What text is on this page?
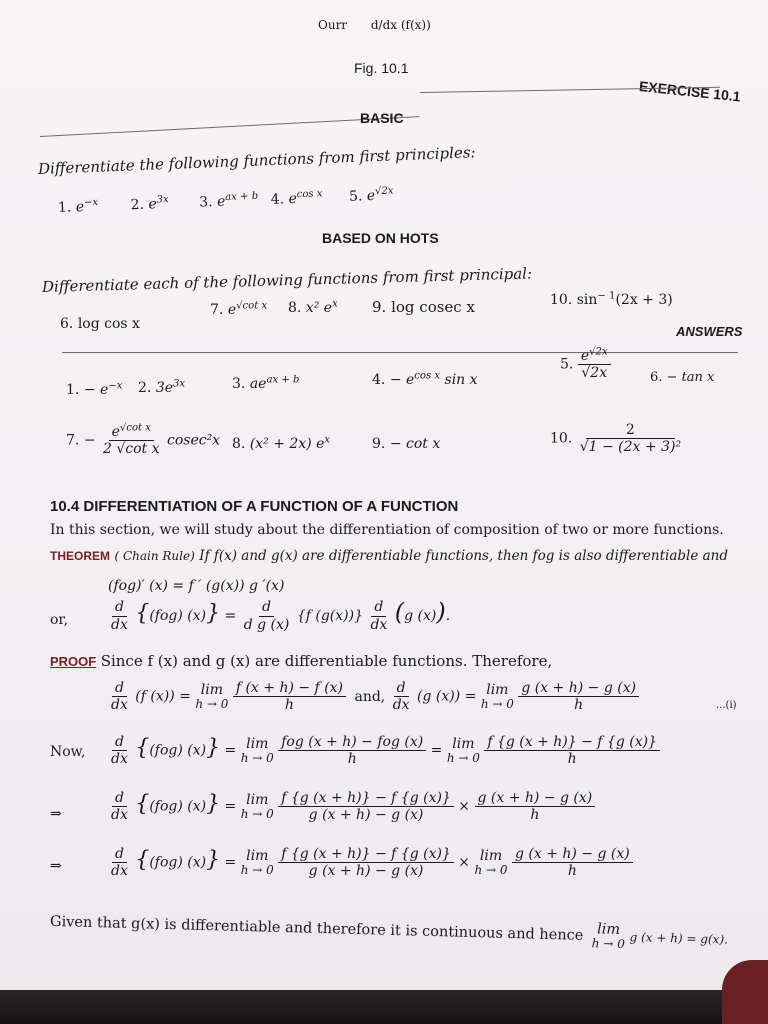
Ourr d/dx (f(x))
Fig. 10.1
EXERCISE 10.1
BASIC
Differentiate the following functions from first principles:
1. $e^{-x}$ 2. $e^{3x}$ 3. $e^{ax + b}$ 4. $e^{cos x}$ 5. $e^{√2x}$
BASED ON HOTS
Differentiate each of the following functions from first principal:
6. log cos x
7. $e^{√cot x}$ 8. x² $e^x$ 9. log cosec x	10. $\sin^{- 1}(2x + 3)$
ANSWERS
1. − $e^{-x}$ 2. $3e^{3x}$	3. $ae^{ax + b}$	4. − $e^{cos x}$ sin x
5. $\frac{e^{√2x}}{√2x}$	6. − tan x
7. − $\frac{e^{√cot x}}{\text{2 √cot x}} cosec^2x$ 8. (x² + 2x) $e^x$	9. − cot x	10. $\frac{2}{\text{√1 − (2x + 3)²}}$
10.4 DIFFERENTIATION OF A FUNCTION OF A FUNCTION
In this section, we will study about the differentiation of composition of two or more functions.
THEOREM ( Chain Rule) If f(x) and g(x) are differentiable functions, then fog is also differentiable and
(fog)′ (x) = f ′ (g(x)) g ′(x)
or,	$\frac{d}{dx} \{(fog) (x)\} = \frac{d}{\text{d g (x)}} \{f$ $(g(x))\} \frac{d}{dx} (g$ (x)).
PROOF Since f (x) and g (x) are differentiable functions. Therefore,
$\frac{d}{dx} (f$ (x)) = lim
h → 0
$\frac{f (x + h) - f (x)}{h}$ and, $\frac{d}{dx} (g$ (x)) = lim
h → 0
$\frac{g (x + h) - g (x)}{h}$	...(i)
Now, $\frac{d}{dx} \{(fog) (x)\} = \lim$
h → 0
$\frac{\text{fog (x + h) − fog (x)}}{h} = \lim$
h → 0
$\frac{f \{g (x + h)\} - f \{g (x)\}}{h}$
⇒	$\frac{d}{dx} \{(fog) (x)\} = \lim$
h → 0
$\frac{f \{g (x + h)\} - f \{g (x)\}}{g (x + h) - g (x)} \times \frac{g (x + h) - g (x)}{h}$
⇒	$\frac{d}{dx} \{(fog) (x)\} = \lim$
h → 0
$\frac{f \{g (x + h)\} - f \{g (x)\}}{g (x + h) - g (x)} \times \lim$
h → 0
$\frac{g (x + h) - g (x)}{h}$
Given that g(x) is differentiable and therefore it is continuous and hence lim
h → 0 g (x + h) = g(x).
